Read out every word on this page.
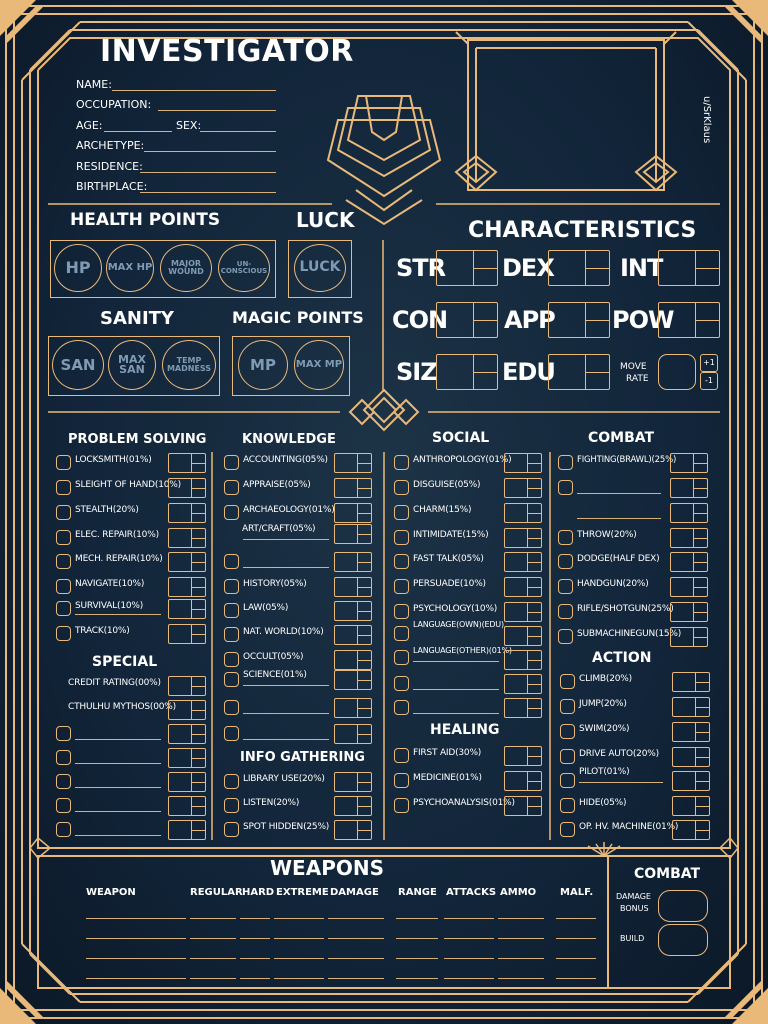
INVESTIGATOR
u/SrKlaus
NAME:
OCCUPATION:
AGE:	SEX:
ARCHETYPE:
RESIDENCE:
BIRTHPLACE:
HEALTH POINTS	LUCK
HP	MAX HP	MAJOR WOUND
UN-CONSCIOUS	LUCK
SANITY	MAGIC POINTS
SAN	MAX SAN
TEMP MADNESS	MP	MAX MP
CHARACTERISTICS
STR DEX	INT
CON APP POW
SIZ	EDU	MOVE
RATE
+1
-1
PROBLEM SOLVING	KNOWLEDGE	SOCIAL	COMBAT
SPECIAL
INFO GATHERING
HEALING
ACTION
LOCKSMITH(01%)
SLEIGHT OF HAND(10%)
STEALTH(20%)
ELEC. REPAIR(10%)
MECH. REPAIR(10%)
NAVIGATE(10%)
SURVIVAL(10%)
TRACK(10%)
CREDIT RATING(00%)
CTHULHU MYTHOS(00%)
ACCOUNTING(05%)
APPRAISE(05%)
ARCHAEOLOGY(01%)
ART/CRAFT(05%)
HISTORY(05%)
LAW(05%)
NAT. WORLD(10%)
OCCULT(05%)
SCIENCE(01%)
LIBRARY USE(20%)
LISTEN(20%)
SPOT HIDDEN(25%)
ANTHROPOLOGY(01%)
DISGUISE(05%)
CHARM(15%)
INTIMIDATE(15%)
FAST TALK(05%)
PERSUADE(10%)
PSYCHOLOGY(10%)
LANGUAGE(OWN)(EDU)
LANGUAGE(OTHER)(01%)
FIRST AID(30%)
MEDICINE(01%)
PSYCHOANALYSIS(01%)
FIGHTING(BRAWL)(25%)
THROW(20%)
DODGE(HALF DEX)
HANDGUN(20%)
RIFLE/SHOTGUN(25%)
SUBMACHINEGUN(15%)
CLIMB(20%)
JUMP(20%)
SWIM(20%)
DRIVE AUTO(20%)
PILOT(01%)
HIDE(05%)
OP. HV. MACHINE(01%)
WEAPONS
WEAPON	REGULAR HARD EXTREME DAMAGE RANGE ATTACKS AMMO MALF.
COMBAT
DAMAGE
BONUS
BUILD
